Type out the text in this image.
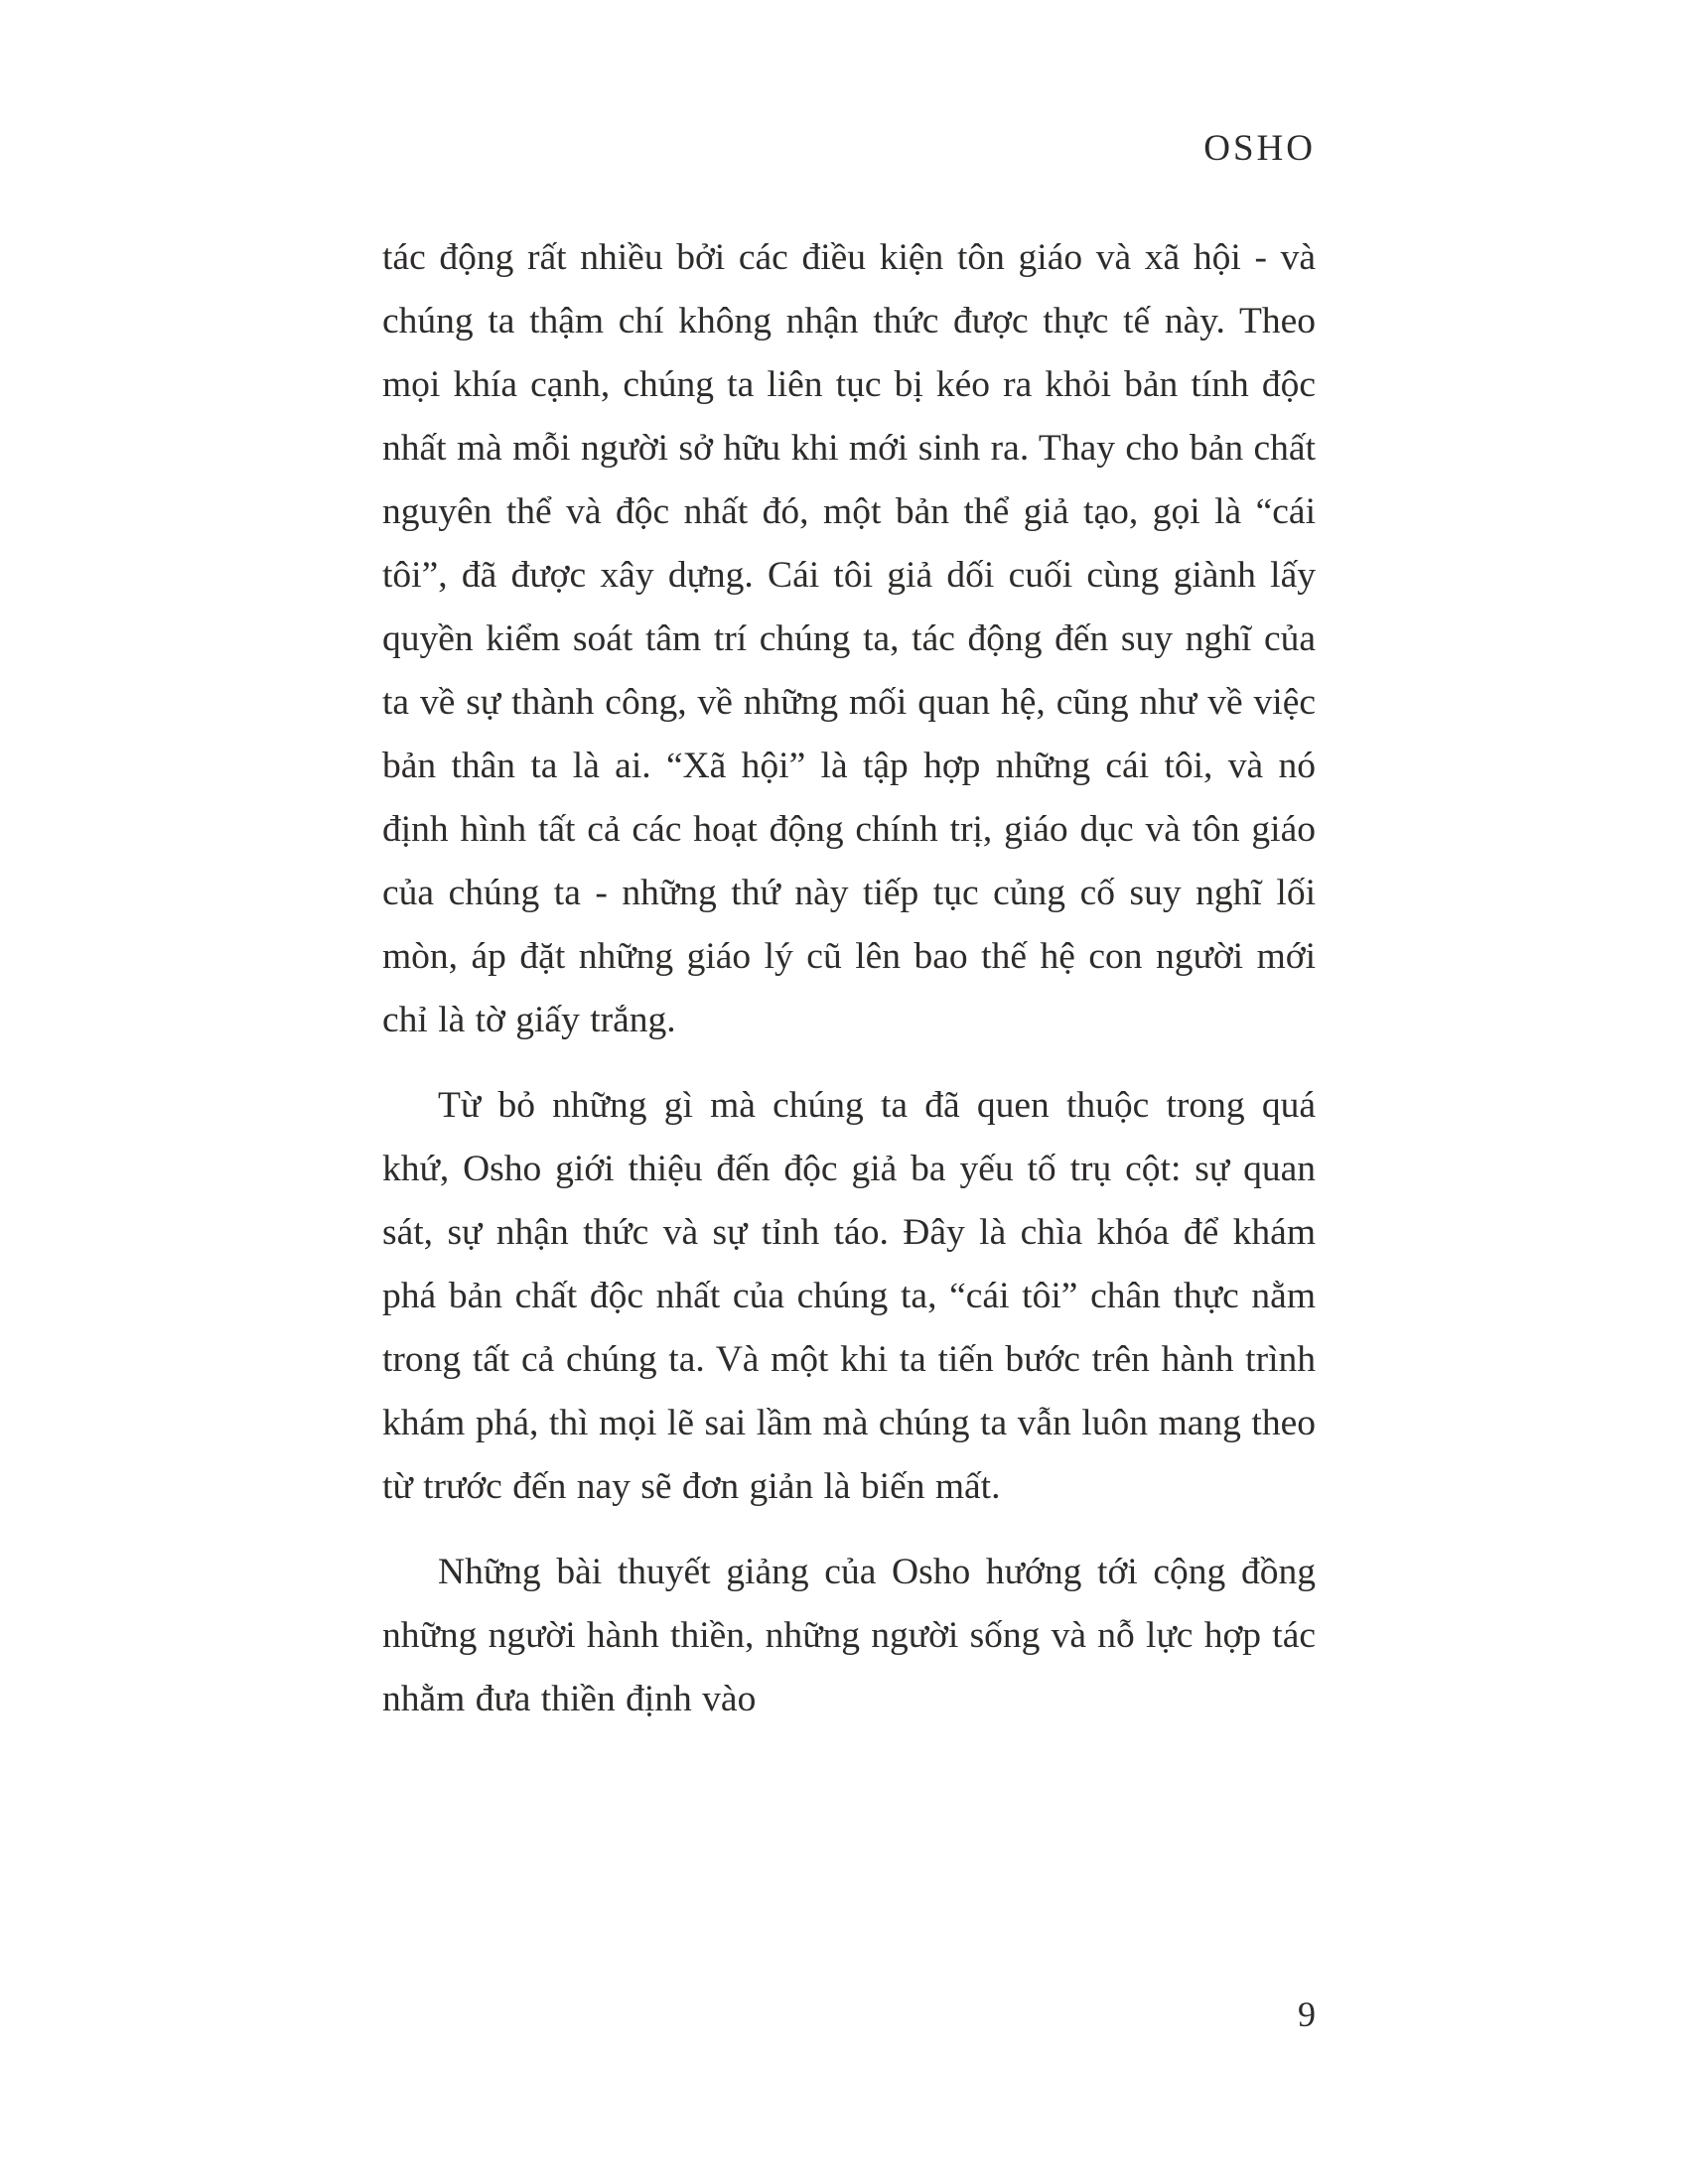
OSHO

tác động rất nhiều bởi các điều kiện tôn giáo và xã hội - và chúng ta thậm chí không nhận thức được thực tế này. Theo mọi khía cạnh, chúng ta liên tục bị kéo ra khỏi bản tính độc nhất mà mỗi người sở hữu khi mới sinh ra. Thay cho bản chất nguyên thể và độc nhất đó, một bản thể giả tạo, gọi là “cái tôi”, đã được xây dựng. Cái tôi giả dối cuối cùng giành lấy quyền kiểm soát tâm trí chúng ta, tác động đến suy nghĩ của ta về sự thành công, về những mối quan hệ, cũng như về việc bản thân ta là ai. “Xã hội” là tập hợp những cái tôi, và nó định hình tất cả các hoạt động chính trị, giáo dục và tôn giáo của chúng ta - những thứ này tiếp tục củng cố suy nghĩ lối mòn, áp đặt những giáo lý cũ lên bao thế hệ con người mới chỉ là tờ giấy trắng.

Từ bỏ những gì mà chúng ta đã quen thuộc trong quá khứ, Osho giới thiệu đến độc giả ba yếu tố trụ cột: sự quan sát, sự nhận thức và sự tỉnh táo. Đây là chìa khóa để khám phá bản chất độc nhất của chúng ta, “cái tôi” chân thực nằm trong tất cả chúng ta. Và một khi ta tiến bước trên hành trình khám phá, thì mọi lẽ sai lầm mà chúng ta vẫn luôn mang theo từ trước đến nay sẽ đơn giản là biến mất.

Những bài thuyết giảng của Osho hướng tới cộng đồng những người hành thiền, những người sống và nỗ lực hợp tác nhằm đưa thiền định vào

9
